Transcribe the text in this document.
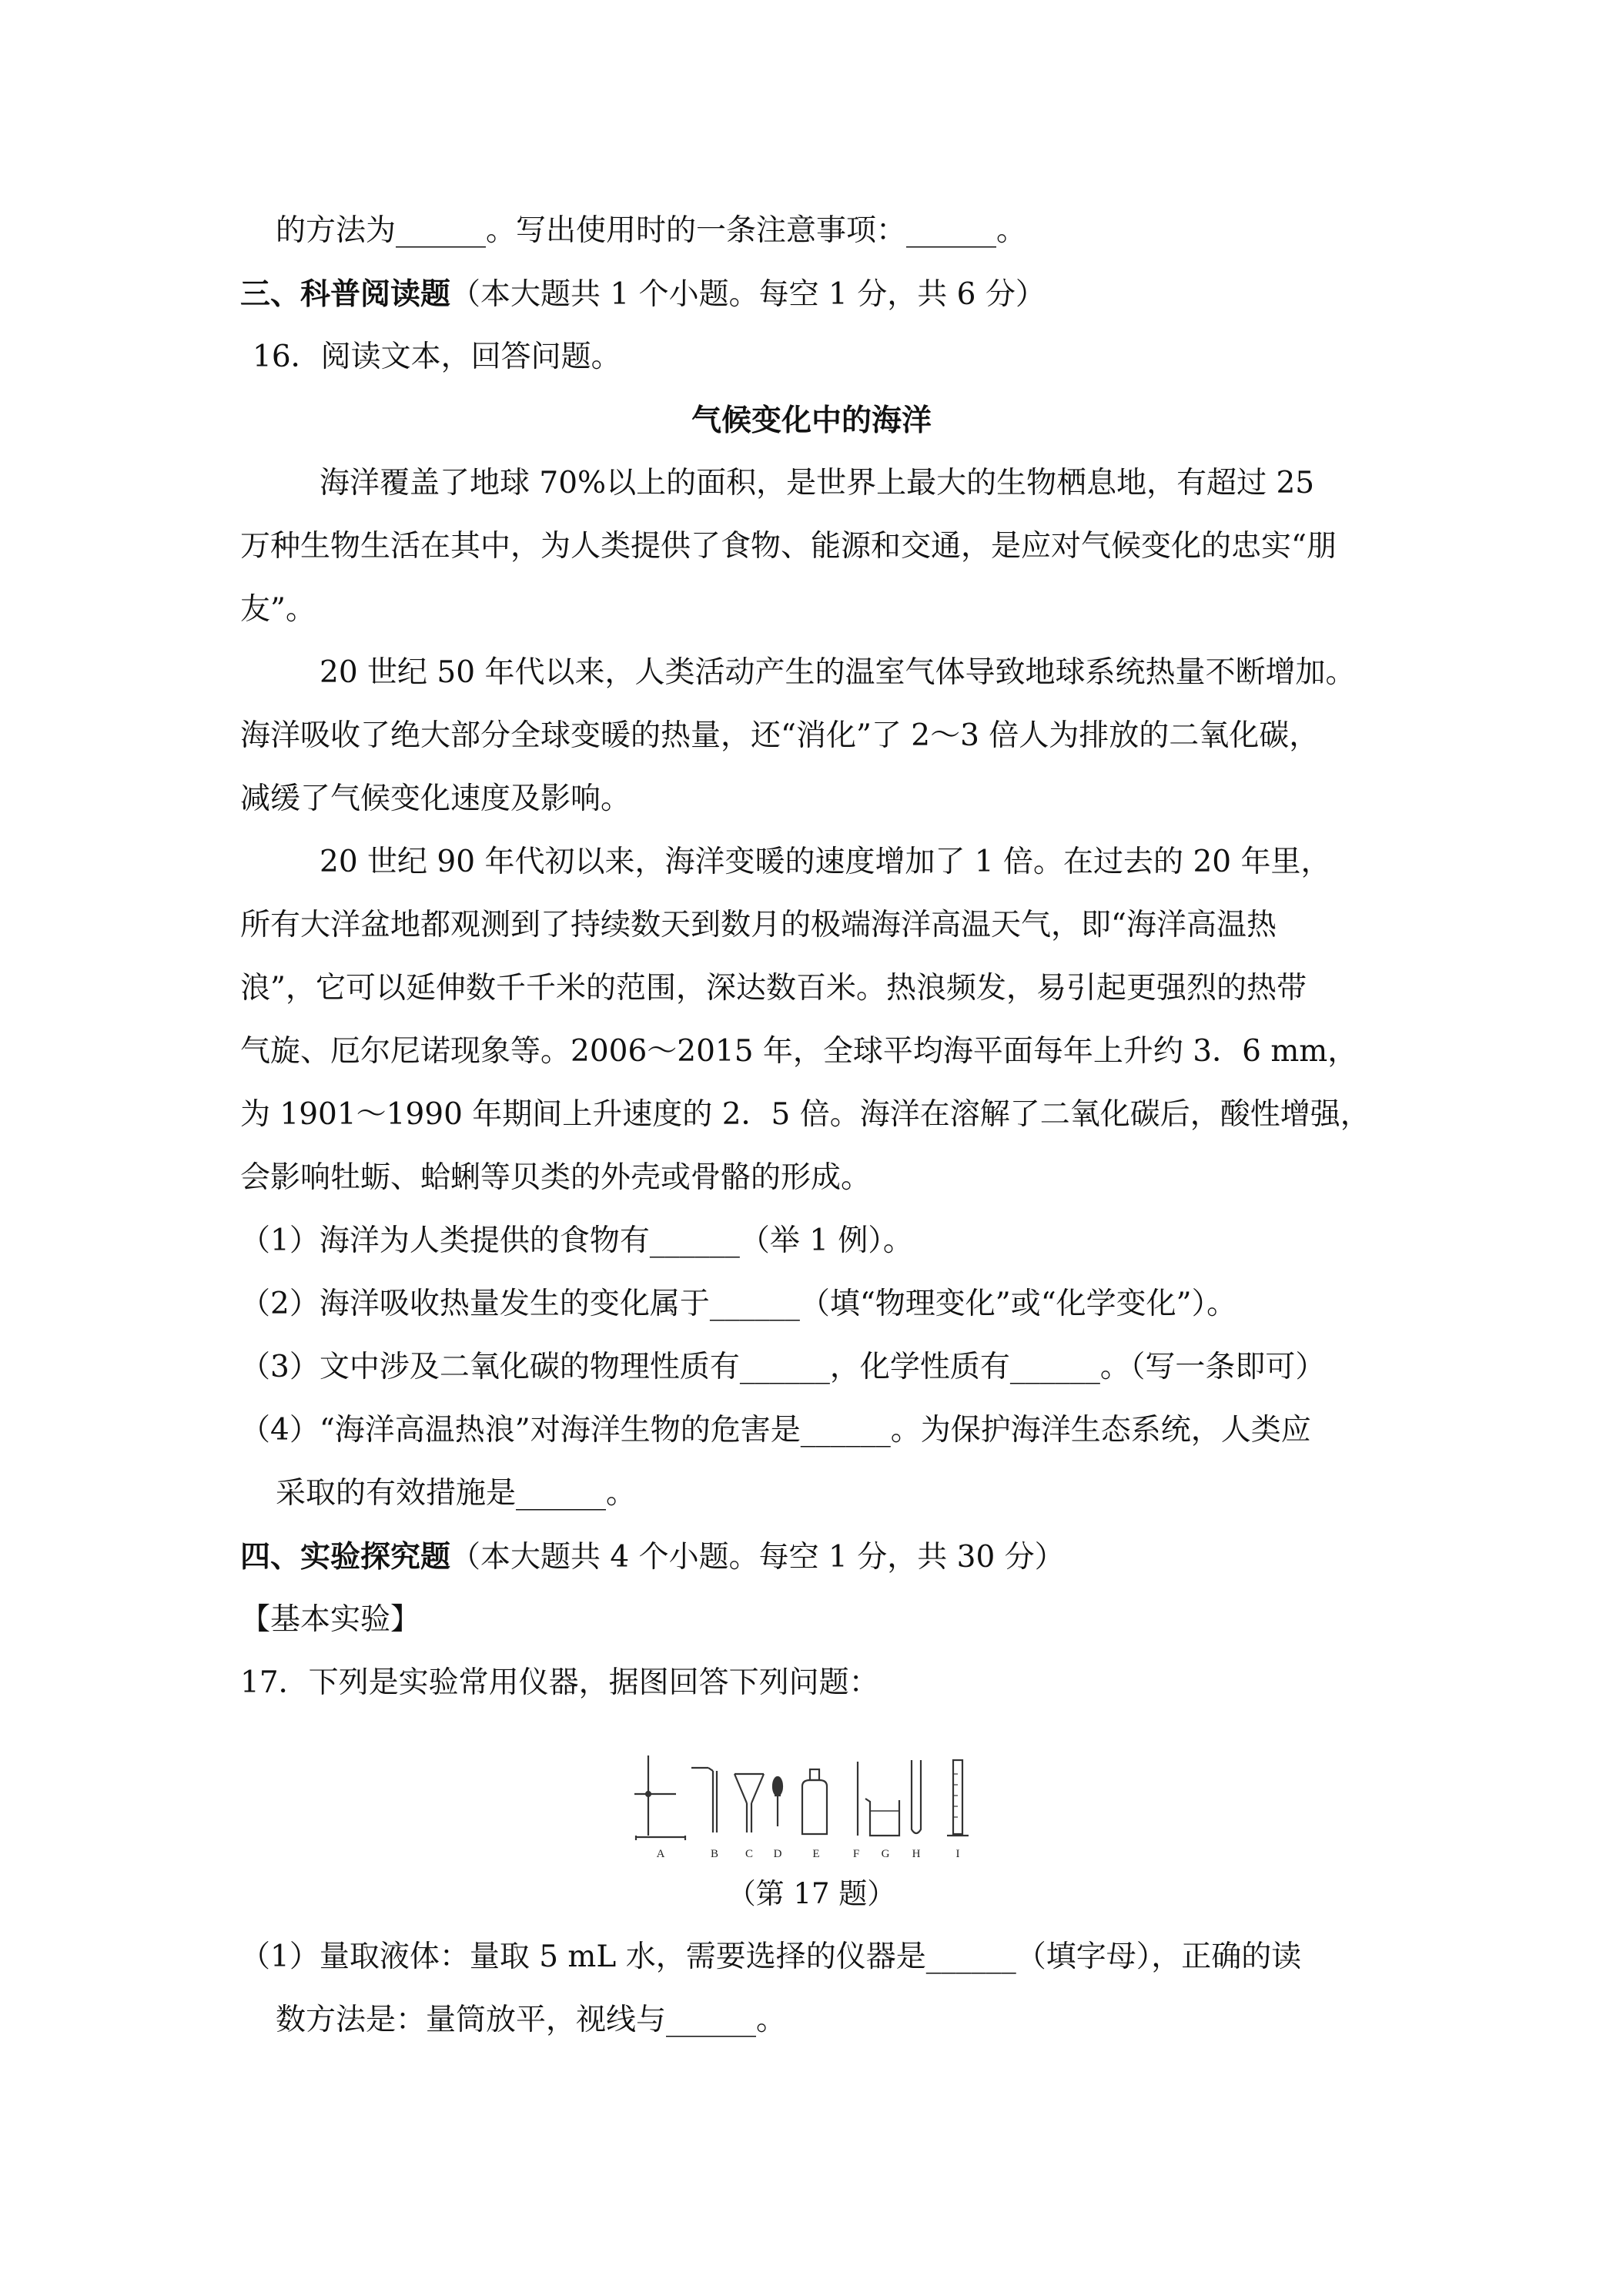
的方法为______。写出使用时的一条注意事项：______。

三、科普阅读题（本大题共 1 个小题。每空 1 分，共 6 分）

16．阅读文本，回答问题。

气候变化中的海洋

海洋覆盖了地球 70%以上的面积，是世界上最大的生物栖息地，有超过 25

万种生物生活在其中，为人类提供了食物、能源和交通，是应对气候变化的忠实“朋

友”。

20 世纪 50 年代以来，人类活动产生的温室气体导致地球系统热量不断增加。

海洋吸收了绝大部分全球变暖的热量，还“消化”了 2～3 倍人为排放的二氧化碳，

减缓了气候变化速度及影响。

20 世纪 90 年代初以来，海洋变暖的速度增加了 1 倍。在过去的 20 年里，

所有大洋盆地都观测到了持续数天到数月的极端海洋高温天气，即“海洋高温热

浪”，它可以延伸数千千米的范围，深达数百米。热浪频发，易引起更强烈的热带

气旋、厄尔尼诺现象等。2006～2015 年，全球平均海平面每年上升约 3．6 mm，

为 1901～1990 年期间上升速度的 2．5 倍。海洋在溶解了二氧化碳后，酸性增强，

会影响牡蛎、蛤蜊等贝类的外壳或骨骼的形成。

（1）海洋为人类提供的食物有______（举 1 例）。

（2）海洋吸收热量发生的变化属于______（填“物理变化”或“化学变化”）。

（3）文中涉及二氧化碳的物理性质有______，化学性质有______。（写一条即可）

（4）“海洋高温热浪”对海洋生物的危害是______。为保护海洋生态系统，人类应

采取的有效措施是______。

四、实验探究题（本大题共 4 个小题。每空 1 分，共 30 分）

【基本实验】

17．下列是实验常用仪器，据图回答下列问题：

A	B C D	E	F G H	I

（第 17 题）

（1）量取液体：量取 5 mL 水，需要选择的仪器是______（填字母），正确的读

数方法是：量筒放平，视线与______。
